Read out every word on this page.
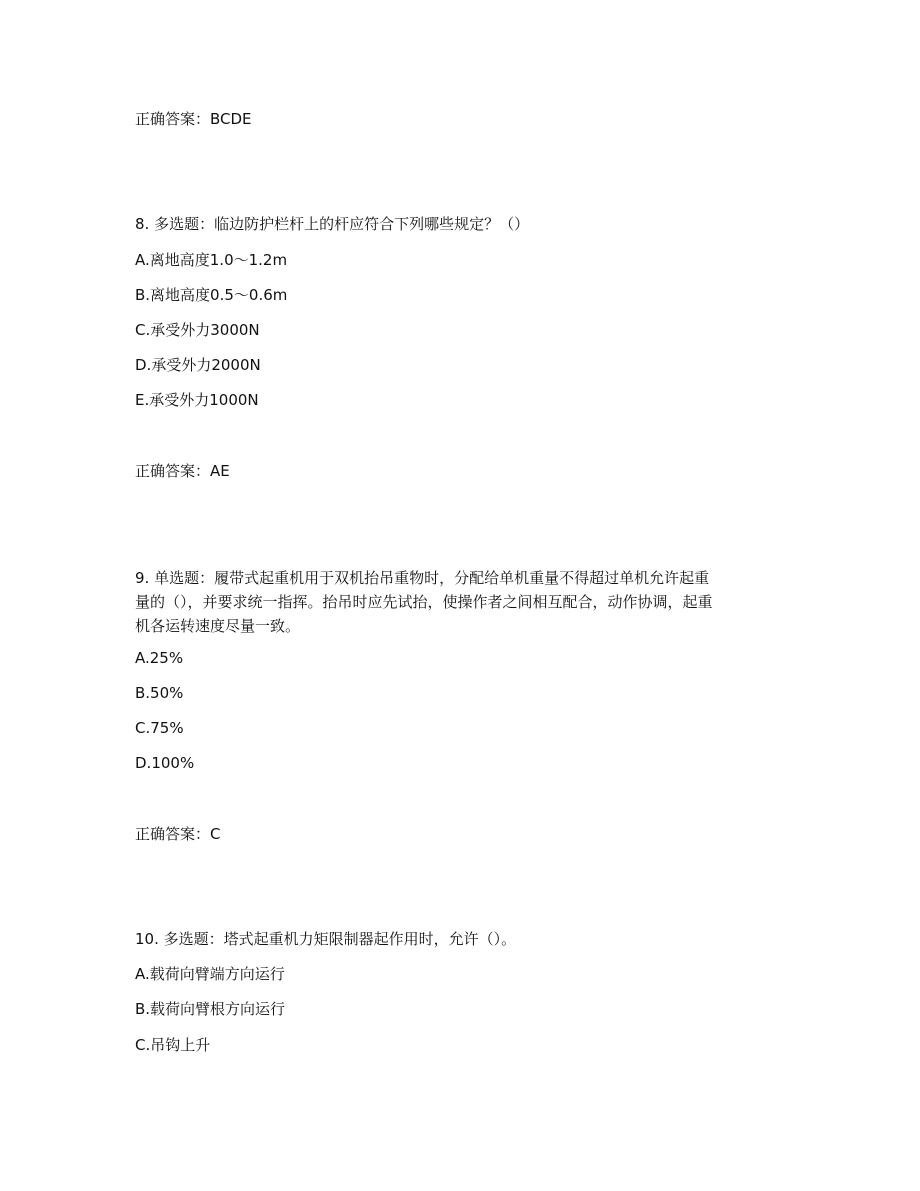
正确答案：BCDE
8. 多选题：临边防护栏杆上的杆应符合下列哪些规定？（）
A.离地高度1.0～1.2m
B.离地高度0.5～0.6m
C.承受外力3000N
D.承受外力2000N
E.承受外力1000N
正确答案：AE
9. 单选题：履带式起重机用于双机抬吊重物时，分配给单机重量不得超过单机允许起重
量的（），并要求统一指挥。抬吊时应先试抬，使操作者之间相互配合，动作协调，起重
机各运转速度尽量一致。
A.25%
B.50%
C.75%
D.100%
正确答案：C
10. 多选题：塔式起重机力矩限制器起作用时，允许（）。
A.载荷向臂端方向运行
B.载荷向臂根方向运行
C.吊钩上升
